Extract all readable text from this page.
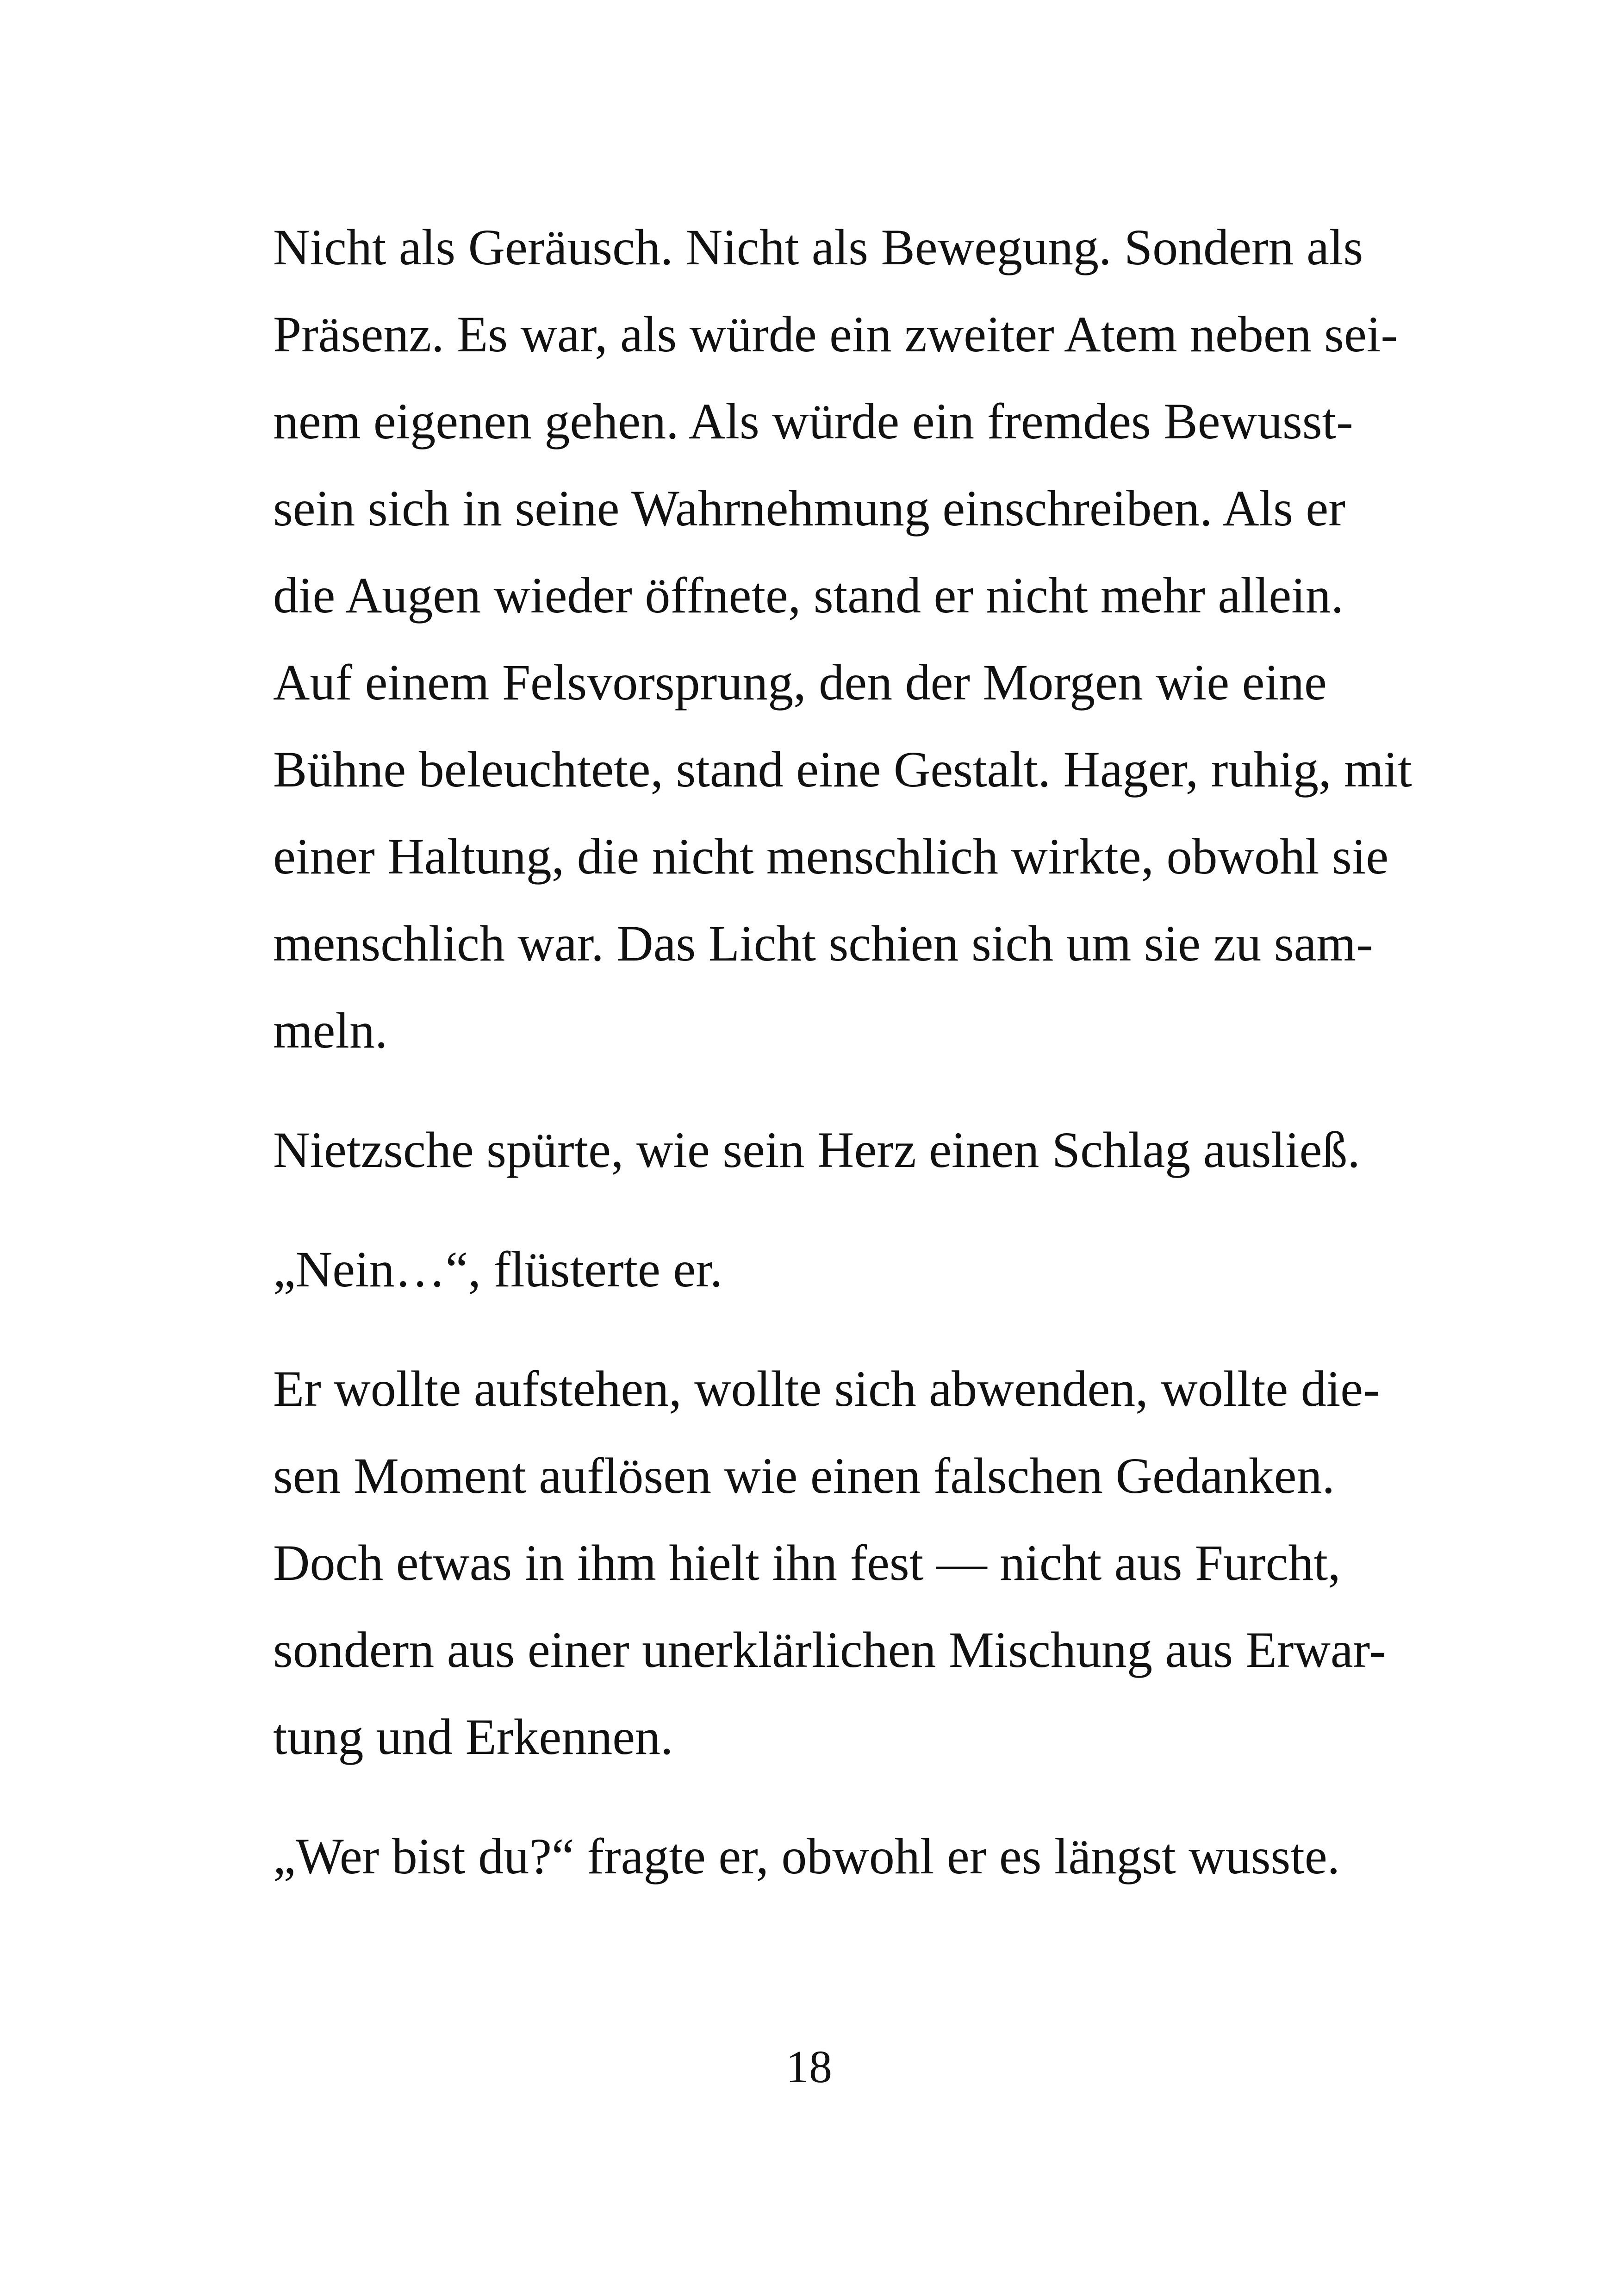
Nicht als Geräusch. Nicht als Bewegung. Sondern als
Präsenz. Es war, als würde ein zweiter Atem neben sei-
nem eigenen gehen. Als würde ein fremdes Bewusst-
sein sich in seine Wahrnehmung einschreiben. Als er
die Augen wieder öffnete, stand er nicht mehr allein.
Auf einem Felsvorsprung, den der Morgen wie eine
Bühne beleuchtete, stand eine Gestalt. Hager, ruhig, mit
einer Haltung, die nicht menschlich wirkte, obwohl sie
menschlich war. Das Licht schien sich um sie zu sam-
meln.
Nietzsche spürte, wie sein Herz einen Schlag ausließ.
„Nein…“, flüsterte er.
Er wollte aufstehen, wollte sich abwenden, wollte die-
sen Moment auflösen wie einen falschen Gedanken.
Doch etwas in ihm hielt ihn fest — nicht aus Furcht,
sondern aus einer unerklärlichen Mischung aus Erwar-
tung und Erkennen.
„Wer bist du?“ fragte er, obwohl er es längst wusste.
18
